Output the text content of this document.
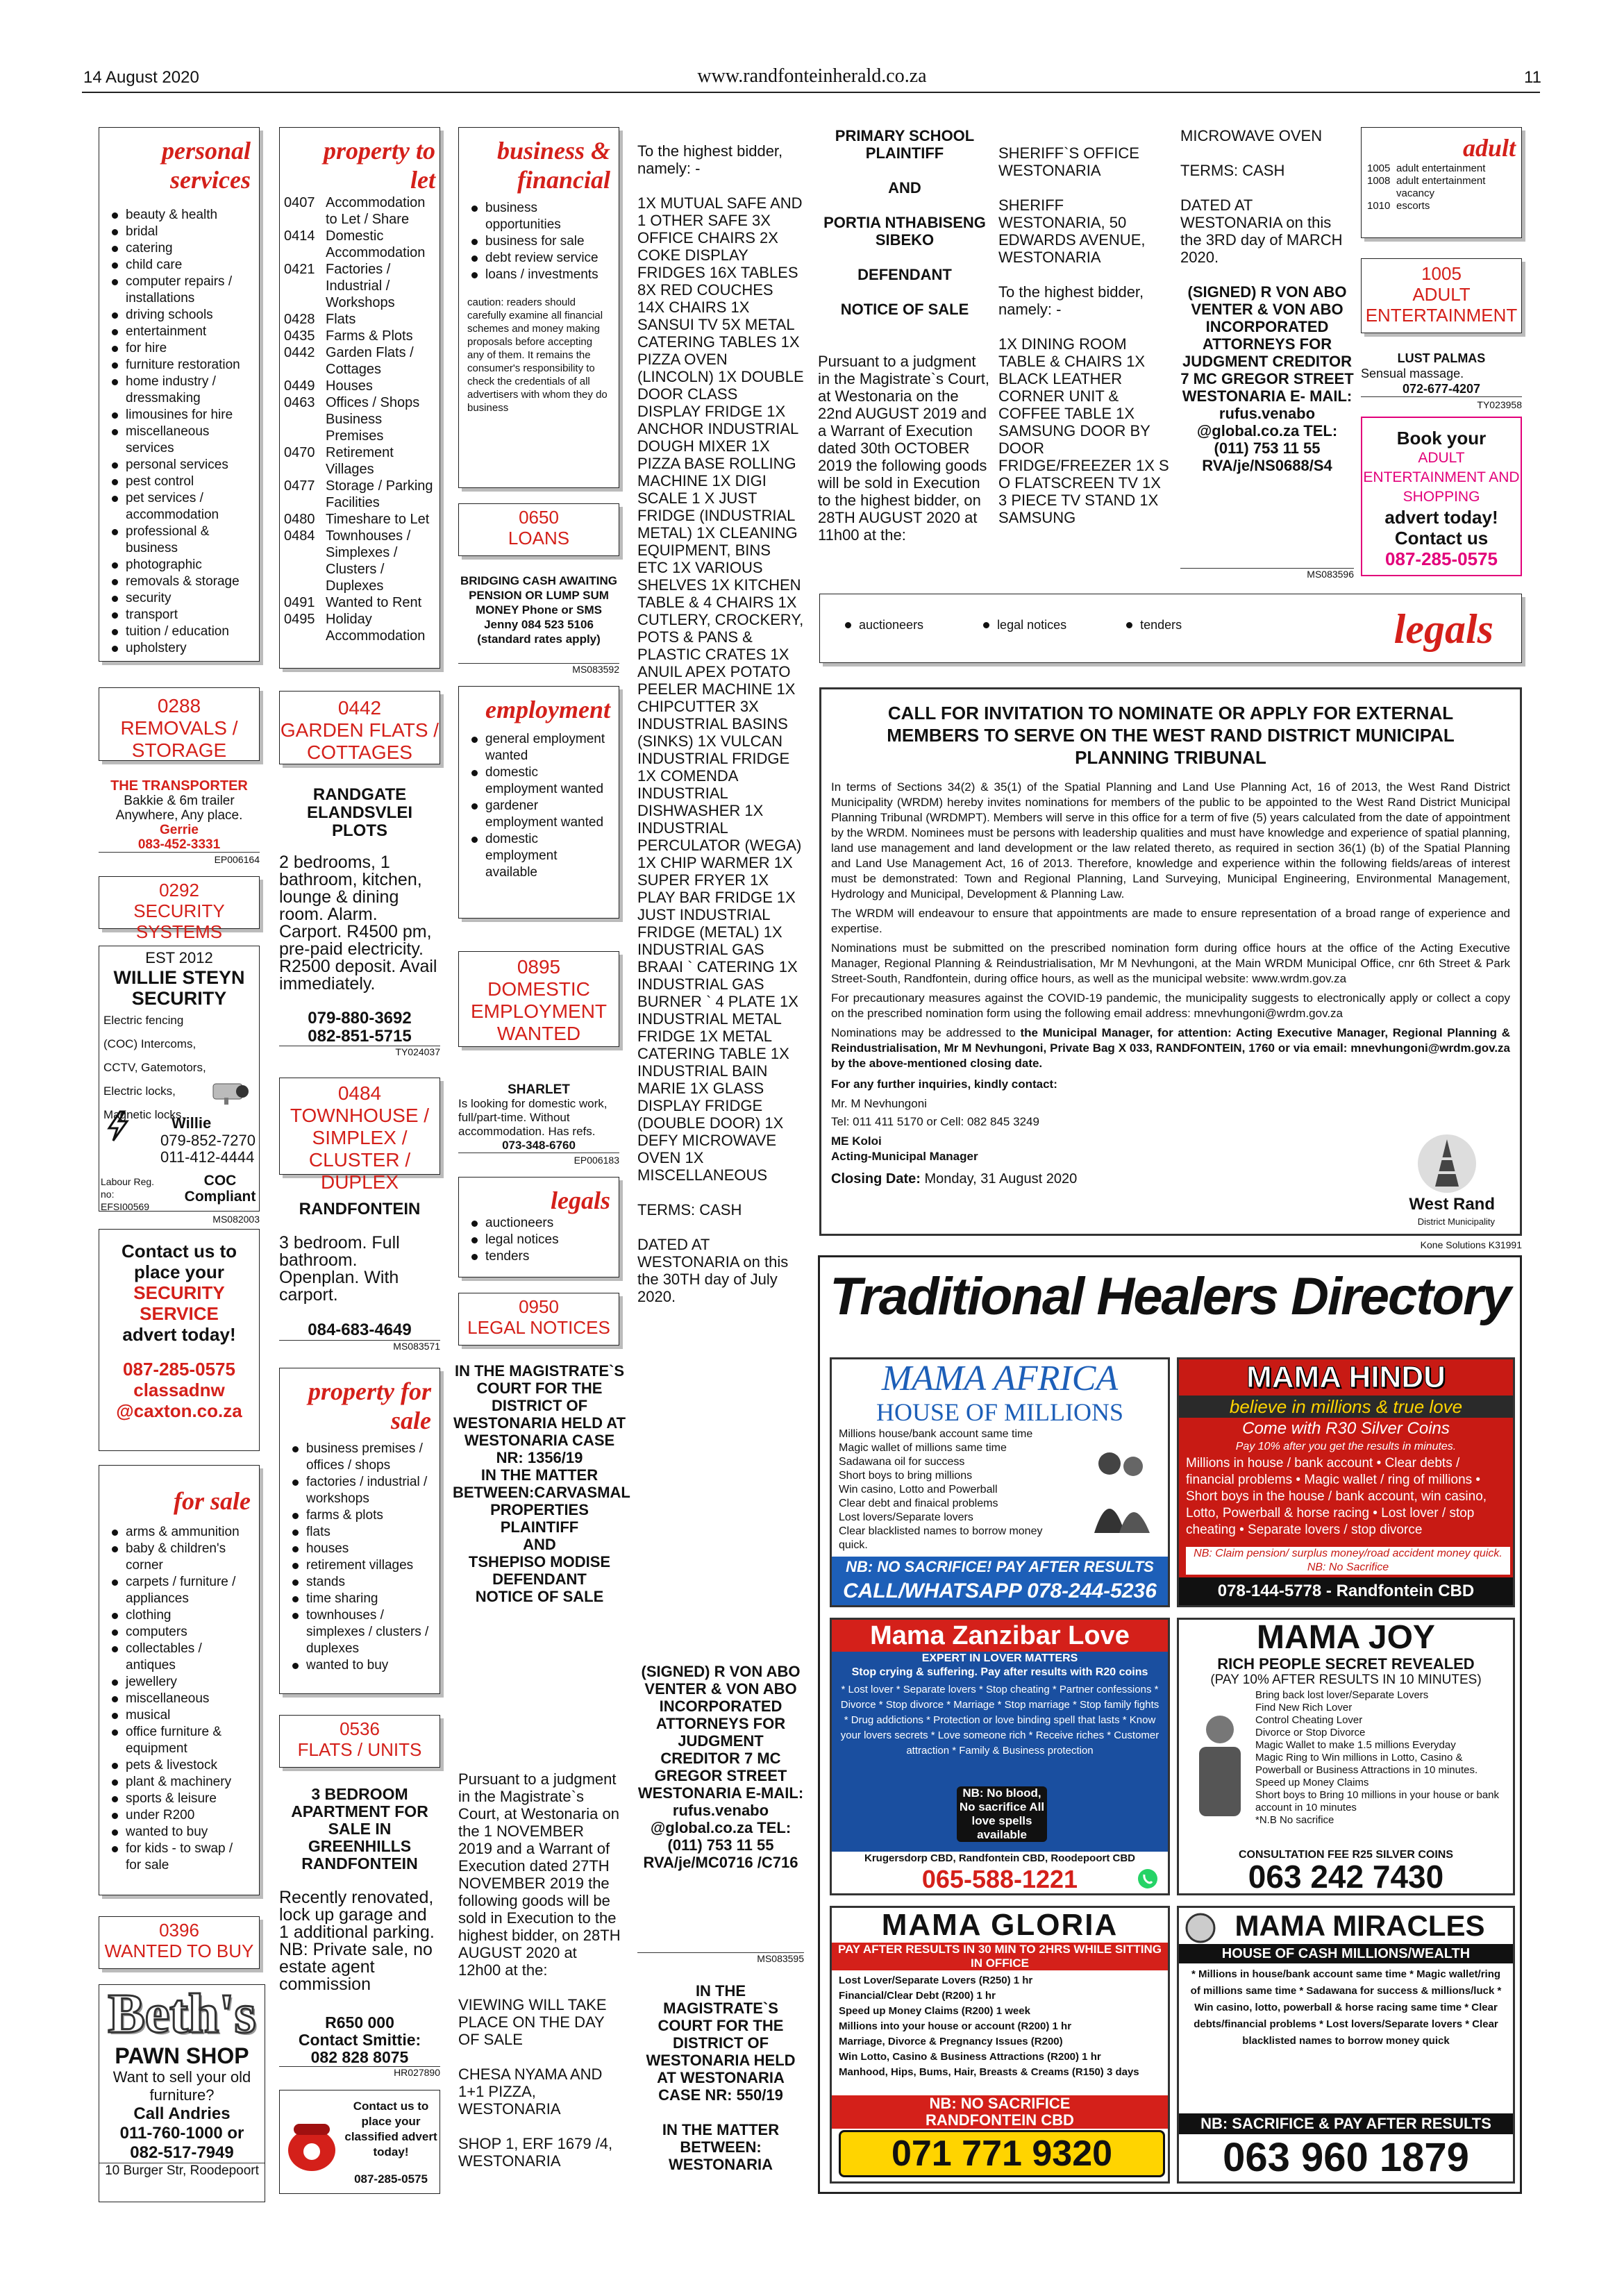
14 August 2020	www.randfonteinherald.co.za	11
personal
services
beauty & health
bridal
catering
child care
computer repairs / installations
driving schools
entertainment
for hire
furniture restoration
home industry / dressmaking
limousines for hire
miscellaneous services
personal services
pest control
pet services / accommodation
professional & business
photographic
removals & storage
security
transport
tuition / education
upholstery
0288
REMOVALS / STORAGE
THE TRANSPORTER
Bakkie & 6m trailer
Anywhere, Any place.
Gerrie
083-452-3331
EP006164
0292
SECURITY SYSTEMS
EST 2012
WILLIE STEYN
SECURITY
Electric fencing (COC) Intercoms, CCTV, Gatemotors, Electric locks, Magnetic locks.
Willie
079-852-7270
011-412-4444
Labour Reg. no: EFSI00569
COC Compliant
MS082003
Contact us to place your
SECURITY SERVICE
advert today!
087-285-0575
classadnw
@caxton.co.za
for sale
arms & ammunition
baby & children's corner
carpets / furniture / appliances
clothing
computers
collectables / antiques
jewellery
miscellaneous
musical
office furniture & equipment
pets & livestock
plant & machinery
sports & leisure
under R200
wanted to buy
for kids - to swap / for sale
0396
WANTED TO BUY
Beth's
PAWN SHOP
Want to sell your old furniture?
Call Andries
011-760-1000 or
082-517-7949
10 Burger Str, Roodepoort
property to
let
0407 Accommodation to Let / Share
0414 Domestic Accommodation
0421 Factories / Industrial / Workshops
0428 Flats
0435 Farms & Plots
0442 Garden Flats / Cottages
0449 Houses
0463 Offices / Shops Business Premises
0470 Retirement Villages
0477 Storage / Parking Facilities
0480 Timeshare to Let
0484 Townhouses / Simplexes / Clusters / Duplexes
0491 Wanted to Rent
0495 Holiday Accommodation
0442
GARDEN FLATS / COTTAGES
RANDGATE ELANDSVLEI PLOTS
2 bedrooms, 1 bathroom, kitchen, lounge & dining room. Alarm. Carport. R4500 pm, pre-paid electricity. R2500 deposit. Avail immediately.
079-880-3692
082-851-5715
TY024037
0484
TOWNHOUSE / SIMPLEX / CLUSTER / DUPLEX
RANDFONTEIN
3 bedroom. Full bathroom. Openplan. With carport.
084-683-4649
MS083571
property for
sale
business premises / offices / shops
factories / industrial / workshops
farms & plots
flats
houses
retirement villages
stands
time sharing
townhouses / simplexes / clusters / duplexes
wanted to buy
0536
FLATS / UNITS
3 BEDROOM APARTMENT FOR SALE IN GREENHILLS RANDFONTEIN
Recently renovated, lock up garage and 1 additional parking. NB: Private sale, no estate agent commission
R650 000
Contact Smittie:
082 828 8075
HR027890
Contact us to place your classified advert today!
087-285-0575
business &
financial
business opportunities
business for sale
debt review service
loans / investments
caution: readers should carefully examine all financial schemes and money making proposals before accepting any of them. It remains the consumer's responsibility to check the credentials of all advertisers with whom they do business
0650
LOANS
BRIDGING CASH AWAITING PENSION OR LUMP SUM MONEY Phone or SMS Jenny 084 523 5106 (standard rates apply)
MS083592
employment
general employment wanted
domestic employment wanted
gardener employment wanted
domestic employment available
0895
DOMESTIC EMPLOYMENT WANTED
SHARLET
Is looking for domestic work, full/part-time. Without accommodation. Has refs.
073-348-6760
EP006183
legals
auctioneers
legal notices
tenders
0950
LEGAL NOTICES
IN THE MAGISTRATE`S COURT FOR THE DISTRICT OF WESTONARIA HELD AT WESTONARIA CASE NR: 1356/19
IN THE MATTER
BETWEEN:CARVASMAL PROPERTIES PLAINTIFF
AND
TSHEPISO MODISE
DEFENDANT
NOTICE OF SALE
Pursuant to a judgment in the Magistrate`s Court, at Westonaria on the 1 NOVEMBER 2019 and a Warrant of Execution dated 27TH NOVEMBER 2019 the following goods will be sold in Execution to the highest bidder, on 28TH AUGUST 2020 at 12h00 at the:

VIEWING WILL TAKE PLACE ON THE DAY OF SALE

CHESA NYAMA AND 1+1 PIZZA, WESTONARIA

SHOP 1, ERF 1679 /4, WESTONARIA
To the highest bidder, namely: -

1X MUTUAL SAFE AND 1 OTHER SAFE 3X OFFICE CHAIRS 2X COKE DISPLAY FRIDGES 16X TABLES 8X RED COUCHES 14X CHAIRS 1X SANSUI TV 5X METAL CATERING TABLES 1X PIZZA OVEN (LINCOLN) 1X DOUBLE DOOR CLASS DISPLAY FRIDGE 1X ANCHOR INDUSTRIAL DOUGH MIXER 1X PIZZA BASE ROLLING MACHINE 1X DIGI SCALE 1 X JUST FRIDGE (INDUSTRIAL METAL) 1X CLEANING EQUIPMENT, BINS ETC 1X VARIOUS SHELVES 1X KITCHEN TABLE & 4 CHAIRS 1X CUTLERY, CROCKERY, POTS & PANS & PLASTIC CRATES 1X ANUIL APEX POTATO PEELER MACHINE 1X CHIPCUTTER 3X INDUSTRIAL BASINS (SINKS) 1X VULCAN INDUSTRIAL FRIDGE 1X COMENDA INDUSTRIAL DISHWASHER 1X INDUSTRIAL PERCULATOR (WEGA) 1X CHIP WARMER 1X SUPER FRYER 1X PLAY BAR FRIDGE 1X JUST INDUSTRIAL FRIDGE (METAL) 1X INDUSTRIAL GAS BRAAI ` CATERING 1X INDUSTRIAL GAS BURNER ` 4 PLATE 1X INDUSTRIAL METAL FRIDGE 1X METAL CATERING TABLE 1X INDUSTRIAL BAIN MARIE 1X GLASS DISPLAY FRIDGE (DOUBLE DOOR) 1X DEFY MICROWAVE OVEN 1X MISCELLANEOUS

TERMS: CASH

DATED AT WESTONARIA on this the 30TH day of July 2020.
(SIGNED) R VON ABO VENTER & VON ABO INCORPORATED ATTORNEYS FOR JUDGMENT CREDITOR 7 MC GREGOR STREET WESTONARIA E-MAIL: rufus.venabo @global.co.za TEL: (011) 753 11 55 RVA/je/MC0716 /C716
MS083595
IN THE MAGISTRATE`S COURT FOR THE DISTRICT OF WESTONARIA HELD AT WESTONARIA CASE NR: 550/19

IN THE MATTER BETWEEN: WESTONARIA
PRIMARY SCHOOL PLAINTIFF

AND

PORTIA NTHABISENG SIBEKO

DEFENDANT

NOTICE OF SALE
Pursuant to a judgment in the Magistrate`s Court, at Westonaria on the 22nd AUGUST 2019 and a Warrant of Execution dated 30th OCTOBER 2019 the following goods will be sold in Execution to the highest bidder, on 28TH AUGUST 2020 at 11h00 at the:
SHERIFF`S OFFICE WESTONARIA

SHERIFF WESTONARIA, 50 EDWARDS AVENUE, WESTONARIA

To the highest bidder, namely: -

1X DINING ROOM TABLE & CHAIRS 1X BLACK LEATHER CORNER UNIT & COFFEE TABLE 1X SAMSUNG DOOR BY DOOR FRIDGE/FREEZER 1X S O FLATSCREEN TV 1X 3 PIECE TV STAND 1X SAMSUNG
MICROWAVE OVEN

TERMS: CASH

DATED AT WESTONARIA on this the 3RD day of MARCH 2020.
(SIGNED) R VON ABO VENTER & VON ABO INCORPORATED ATTORNEYS FOR JUDGMENT CREDITOR 7 MC GREGOR STREET WESTONARIA E- MAIL: rufus.venabo @global.co.za TEL: (011) 753 11 55 RVA/je/NS0688/S4
MS083596
adult
1005 adult entertainment
1008 adult entertainment vacancy
1010 escorts
1005
ADULT ENTERTAINMENT
LUST PALMAS
Sensual massage.
072-677-4207
TY023958
Book your
ADULT ENTERTAINMENT AND SHOPPING
advert today!
Contact us
087-285-0575
auctioneers	legal notices	tenders	legals
CALL FOR INVITATION TO NOMINATE OR APPLY FOR EXTERNAL MEMBERS TO SERVE ON THE WEST RAND DISTRICT MUNICIPAL PLANNING TRIBUNAL
In terms of Sections 34(2) & 35(1) of the Spatial Planning and Land Use Planning Act, 16 of 2013, the West Rand District Municipality (WRDM) hereby invites nominations for members of the public to be appointed to the West Rand District Municipal Planning Tribunal (WRDMPT). Members will serve in this office for a term of five (5) years calculated from the date of appointment by the WRDM. Nominees must be persons with leadership qualities and must have knowledge and experience of spatial planning, land use management and land development or the law related thereto, as required in section 36(1) (b) of the Spatial Planning and Land Use Management Act, 16 of 2013. Therefore, knowledge and experience within the following fields/areas of interest must be demonstrated: Town and Regional Planning, Land Surveying, Municipal Engineering, Environmental Management, Hydrology and Municipal, Development & Planning Law.
The WRDM will endeavour to ensure that appointments are made to ensure representation of a broad range of experience and expertise.
Nominations must be submitted on the prescribed nomination form during office hours at the office of the Acting Executive Manager, Regional Planning & Reindustrialisation, Mr M Nevhungoni, at the Main WRDM Municipal Office, cnr 6th Street & Park Street-South, Randfontein, during office hours, as well as the municipal website: www.wrdm.gov.za
For precautionary measures against the COVID-19 pandemic, the municipality suggests to electronically apply or collect a copy on the prescribed nomination form using the following email address: mnevhungoni@wrdm.gov.za
Nominations may be addressed to the Municipal Manager, for attention: Acting Executive Manager, Regional Planning & Reindustrialisation, Mr M Nevhungoni, Private Bag X 033, RANDFONTEIN, 1760 or via email: mnevhungoni@wrdm.gov.za by the above-mentioned closing date.
For any further inquiries, kindly contact:
Mr. M Nevhungoni
Tel: 011 411 5170 or Cell: 082 845 3249
ME Koloi
Acting-Municipal Manager
Closing Date: Monday, 31 August 2020
West Rand
District Municipality
Kone Solutions K31991
Traditional Healers Directory
MAMA AFRICA
HOUSE OF MILLIONS
Millions house/bank account same time
Magic wallet of millions same time
Sadawana oil for success
Short boys to bring millions
Win casino, Lotto and Powerball
Clear debt and finaical problems
Lost lovers/Separate lovers
Clear blacklisted names to borrow money quick.
NB: NO SACRIFICE! PAY AFTER RESULTS
CALL/WHATSAPP 078-244-5236
MAMA HINDU
believe in millions & true love
Come with R30 Silver Coins
Pay 10% after you get the results in minutes.
Millions in house / bank account • Clear debts / financial problems • Magic wallet / ring of millions • Short boys in the house / bank account, win casino, Lotto, Powerball & horse racing • Lost lover / stop cheating • Separate lovers / stop divorce
NB: Claim pension/ surplus money/road accident money quick. NB: No Sacrifice
078-144-5778 - Randfontein CBD
Mama Zanzibar Love
EXPERT IN LOVER MATTERS
Stop crying & suffering. Pay after results with R20 coins
* Lost lover * Separate lovers * Stop cheating * Partner confessions * Divorce * Stop divorce * Marriage * Stop marriage * Stop family fights * Drug addictions * Protection or love binding spell that lasts * Know your lovers secrets * Love someone rich * Receive riches * Customer attraction * Family & Business protection
NB: No blood, No sacrifice All love spells available
Krugersdorp CBD, Randfontein CBD, Roodepoort CBD
065-588-1221
MAMA JOY
RICH PEOPLE SECRET REVEALED
(PAY 10% AFTER RESULTS IN 10 MINUTES)
Bring back lost lover/Separate Lovers
Find New Rich Lover
Control Cheating Lover
Divorce or Stop Divorce
Magic Wallet to make 1.5 millions Everyday
Magic Ring to Win millions in Lotto, Casino & Powerball or Business Attractions in 10 minutes.
Speed up Money Claims
Short boys to Bring 10 millions in your house or bank account in 10 minutes
*N.B No sacrifice
CONSULTATION FEE R25 SILVER COINS
063 242 7430
MAMA GLORIA
PAY AFTER RESULTS IN 30 MIN TO 2HRS WHILE SITTING IN OFFICE
Lost Lover/Separate Lovers (R250) 1 hr
Financial/Clear Debt (R200) 1 hr
Speed up Money Claims (R200) 1 week
Millions into your house or account (R200) 1 hr
Marriage, Divorce & Pregnancy Issues (R200)
Win Lotto, Casino & Business Attractions (R200) 1 hr
Manhood, Hips, Bums, Hair, Breasts & Creams (R150) 3 days
NB: NO SACRIFICE
RANDFONTEIN CBD
071 771 9320
MAMA MIRACLES
HOUSE OF CASH MILLIONS/WEALTH
* Millions in house/bank account same time * Magic wallet/ring of millions same time * Sadawana for success & millions/luck * Win casino, lotto, powerball & horse racing same time * Clear debts/financial problems * Lost lovers/Separate lovers * Clear blacklisted names to borrow money quick
NB: SACRIFICE & PAY AFTER RESULTS
063 960 1879
